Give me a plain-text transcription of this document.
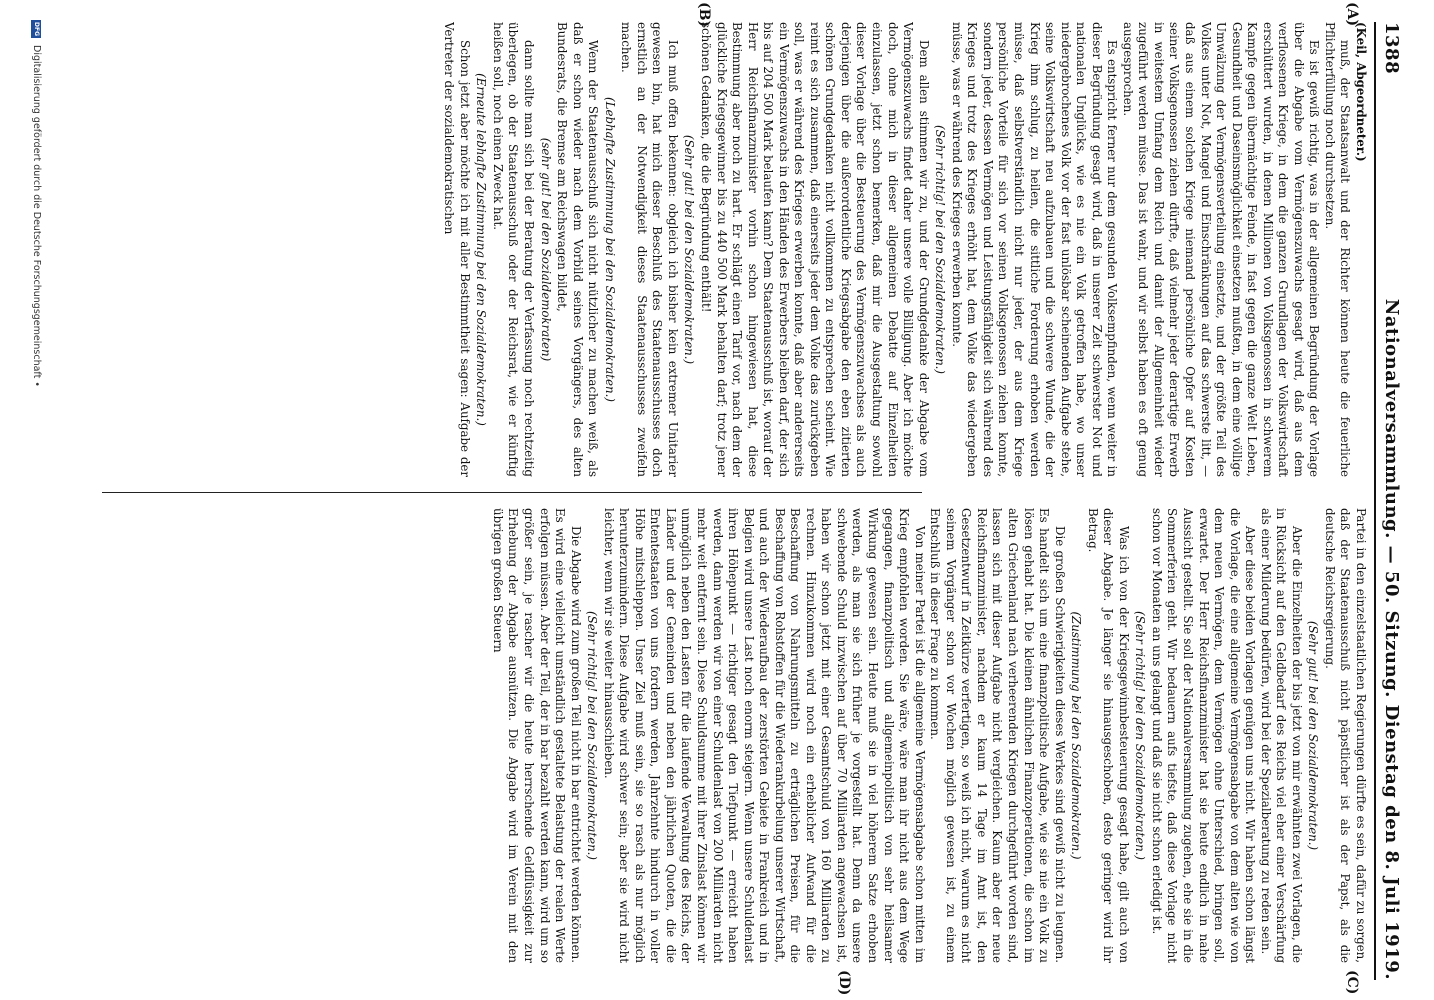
1388
Nationalversammlung. — 50. Sitzung. Dienstag den 8. Juli 1919.
(A)
(B)
(C)
(D)

(Keil, Abgeordneter.)

muß, der Staatsanwalt und der Richter können heute die feuerliche Pflichterfüllung noch durchsetzen.

Es ist gewiß richtig, was in der allgemeinen Begründung der Vorlage über die Abgabe vom Vermögenszuwachs gesagt wird, daß aus dem verflossenen Kriege, in dem die ganzen Grundlagen der Volkswirtschaft erschüttert wurden, in denen Millionen von Volksgenossen in schwerem Kampfe gegen übermächtige Feinde, in fast gegen die ganze Welt Leben, Gesundheit und Daseinsmöglichkeit einsetzen mußten, in dem eine völlige Umwälzung der Vermögensverteilung einsetzte, und der größte Teil des Volkes unter Not, Mangel und Einschränkungen auf das schwerste litt, — daß aus einem solchen Kriege niemand persönliche Opfer auf Kosten seiner Volksgenossen ziehen dürfte, daß vielmehr jeder derartige Erwerb in weitestem Umfang dem Reich und damit der Allgemeinheit wieder zugeführt werden müsse. Das ist wahr, und wir selbst haben es oft genug ausgesprochen.

Es entspricht ferner nur dem gesunden Volksempfinden, wenn weiter in dieser Begründung gesagt wird, daß in unserer Zeit schwerster Not und nationalen Unglücks, wie es nie ein Volk getroffen habe, wo unser niedergebrochenes Volk vor der fast unlösbar scheinenden Aufgabe stehe, seine Volkswirtschaft neu aufzubauen und die schwere Wunde, die der Krieg ihm schlug, zu heilen, die sittliche Forderung erhoben werden müsse, daß selbstverständlich nicht nur jeder, der aus dem Kriege persönliche Vorteile für sich vor seinen Volksgenossen ziehen konnte, sondern jeder, dessen Vermögen und Leistungsfähigkeit sich während des Krieges und trotz des Krieges erhöht hat, dem Volke das wiedergeben müsse, was er während des Krieges erwerben konnte.

(Sehr richtig! bei den Sozialdemokraten.)

Dem allen stimmen wir zu, und der Grundgedanke der Abgabe vom Vermögenszuwachs findet daher unsere volle Billigung. Aber ich möchte doch, ohne mich in dieser allgemeinen Debatte auf Einzelheiten einzulassen, jetzt schon bemerken, daß mir die Ausgestaltung sowohl dieser Vorlage über die Besteuerung des Vermögenszuwachses als auch derjenigen über die außerordentliche Kriegsabgabe den eben zitierten schönen Grundgedanken nicht vollkommen zu entsprechen scheint. Wie reimt es sich zusammen, daß einerseits jeder dem Volke das zurückgeben soll, was er während des Krieges erwerben konnte, daß aber andererseits ein Vermögenszuwachs in den Händen des Erwerbers bleiben darf, der sich bis auf 204 500 Mark belaufen kann? Dem Staatenausschuß ist, worauf der Herr Reichsfinanzminister vorhin schon hingewiesen hat, diese Bestimmung aber noch zu hart. Er schlägt einen Tarif vor, nach dem der glückliche Kriegsgewinner bis zu 440 500 Mark behalten darf; trotz jener schönen Gedanken, die die Begründung enthält!

(Sehr gut! bei den Sozialdemokraten.)

Ich muß offen bekennen: obgleich ich bisher kein extremer Unitarier gewesen bin, hat mich dieser Beschluß des Staatenausschusses doch ernstlich an der Notwendigkeit dieses Staatenausschusses zweifeln machen.

(Lebhafte Zustimmung bei den Sozialdemokraten.)

Wenn der Staatenausschuß sich nicht nützlicher zu machen weiß, als daß er schon wieder nach dem Vorbild seines Vorgängers, des alten Bundesrats, die Bremse am Reichswagen bildet,

(sehr gut! bei den Sozialdemokraten)

dann sollte man sich bei der Beratung der Verfassung noch rechtzeitig überlegen, ob der Staatenausschuß oder der Reichsrat, wie er künftig heißen soll, noch einen Zweck hat.

(Erneute lebhafte Zustimmung bei den Sozialdemokraten.)

Schon jetzt aber möchte ich mit aller Bestimmtheit sagen: Aufgabe der Vertreter der sozialdemokratischen

Partei in den einzelstaatlichen Regierungen dürfte es sein, dafür zu sorgen, daß der Staatenausschuß nicht päpstlicher ist als der Papst, als die deutsche Reichsregierung.

(Sehr gut! bei den Sozialdemokraten.)

Aber die Einzelheiten der bis jetzt von mir erwähnten zwei Vorlagen, die in Rücksicht auf den Geldbedarf des Reichs viel eher einer Verschärfung als einer Milderung bedürfen, wird bei der Spezialberatung zu reden sein.

Aber diese beiden Vorlagen genügen uns nicht. Wir haben schon längst die Vorlage, die eine allgemeine Vermögensabgabe von dem alten wie von dem neuen Vermögen, dem Vermögen ohne Unterschied, bringen soll, erwartet. Der Herr Reichsfinanzminister hat sie heute endlich in nahe Aussicht gestellt. Sie soll der Nationalversammlung zugehen, ehe sie in die Sommerferien geht. Wir bedauern aufs tiefste, daß diese Vorlage nicht schon vor Monaten an uns gelangt und daß sie nicht schon erledigt ist.

(Sehr richtig! bei den Sozialdemokraten.)

Was ich von der Kriegsgewinnbesteuerung gesagt habe, gilt auch von dieser Abgabe. Je länger sie hinausgeschoben, desto geringer wird ihr Betrag.

(Zustimmung bei den Sozialdemokraten.)

Die großen Schwierigkeiten dieses Werkes sind gewiß nicht zu leugnen. Es handelt sich um eine finanzpolitische Aufgabe, wie sie nie ein Volk zu lösen gehabt hat. Die kleinen ähnlichen Finanzoperationen, die schon im alten Griechenland nach verheerenden Kriegen durchgeführt worden sind, lassen sich mit dieser Aufgabe nicht vergleichen. Kaum aber der neue Reichsfinanzminister, nachdem er kaum 14 Tage im Amt ist, den Gesetzentwurf in Zeitkürze verfertigen, so weiß ich nicht, warum es nicht seinem Vorgänger schon vor Wochen möglich gewesen ist, zu einem Entschluß in dieser Frage zu kommen.

Von meiner Partei ist die allgemeine Vermögensabgabe schon mitten im Krieg empfohlen worden. Sie wäre, wäre man ihr nicht aus dem Wege gegangen, finanzpolitisch und allgemeinpolitisch von sehr heilsamer Wirkung gewesen sein. Heute muß sie in viel höherem Satze erhoben werden, als man sie sich früher je vorgestellt hat. Denn da unsere schwebende Schuld inzwischen auf über 70 Milliarden angewachsen ist, haben wir schon jetzt mit einer Gesamtschuld von 160 Milliarden zu rechnen. Hinzukommen wird noch ein erheblicher Aufwand für die Beschaffung von Nahrungsmitteln zu erträglichen Preisen, für die Beschaffung von Rohstoffen für die Wiederankurbelung unserer Wirtschaft, und auch der Wiederaufbau der zerstörten Gebiete in Frankreich und in Belgien wird unsere Last noch enorm steigern. Wenn unsere Schuldenlast ihren Höhepunkt — richtiger gesagt den Tiefpunkt — erreicht haben werden, dann werden wir von einer Schuldenlast von 200 Milliarden nicht mehr weit entfernt sein. Diese Schuldsumme mit ihrer Zinslast können wir unmöglich neben den Lasten für die laufende Verwaltung des Reichs, der Länder und der Gemeinden und neben den jährlichen Quoten, die die Ententestaaten von uns fordern werden, Jahrzehnte hindurch in voller Höhe mitschleppen. Unser Ziel muß sein, sie so rasch als nur möglich herunterzumindern. Diese Aufgabe wird schwer sein; aber sie wird nicht leichter, wenn wir sie weiter hinausschieben.

(Sehr richtig! bei den Sozialdemokraten.)

Die Abgabe wird zum großen Teil nicht in bar entrichtet werden können. Es wird eine vielleicht umständlich gestaltete Belastung der realen Werte erfolgen müssen. Aber der Teil, der in bar bezahlt werden kann, wird um so größer sein, je rascher wir die heute herrschende Geldflüssigkeit zur Erhebung der Abgabe ausnützen. Die Abgabe wird im Verein mit den übrigen großen Steuern

DFG Digitalisierung gefördert durch die Deutsche Forschungsgemeinschaft •
